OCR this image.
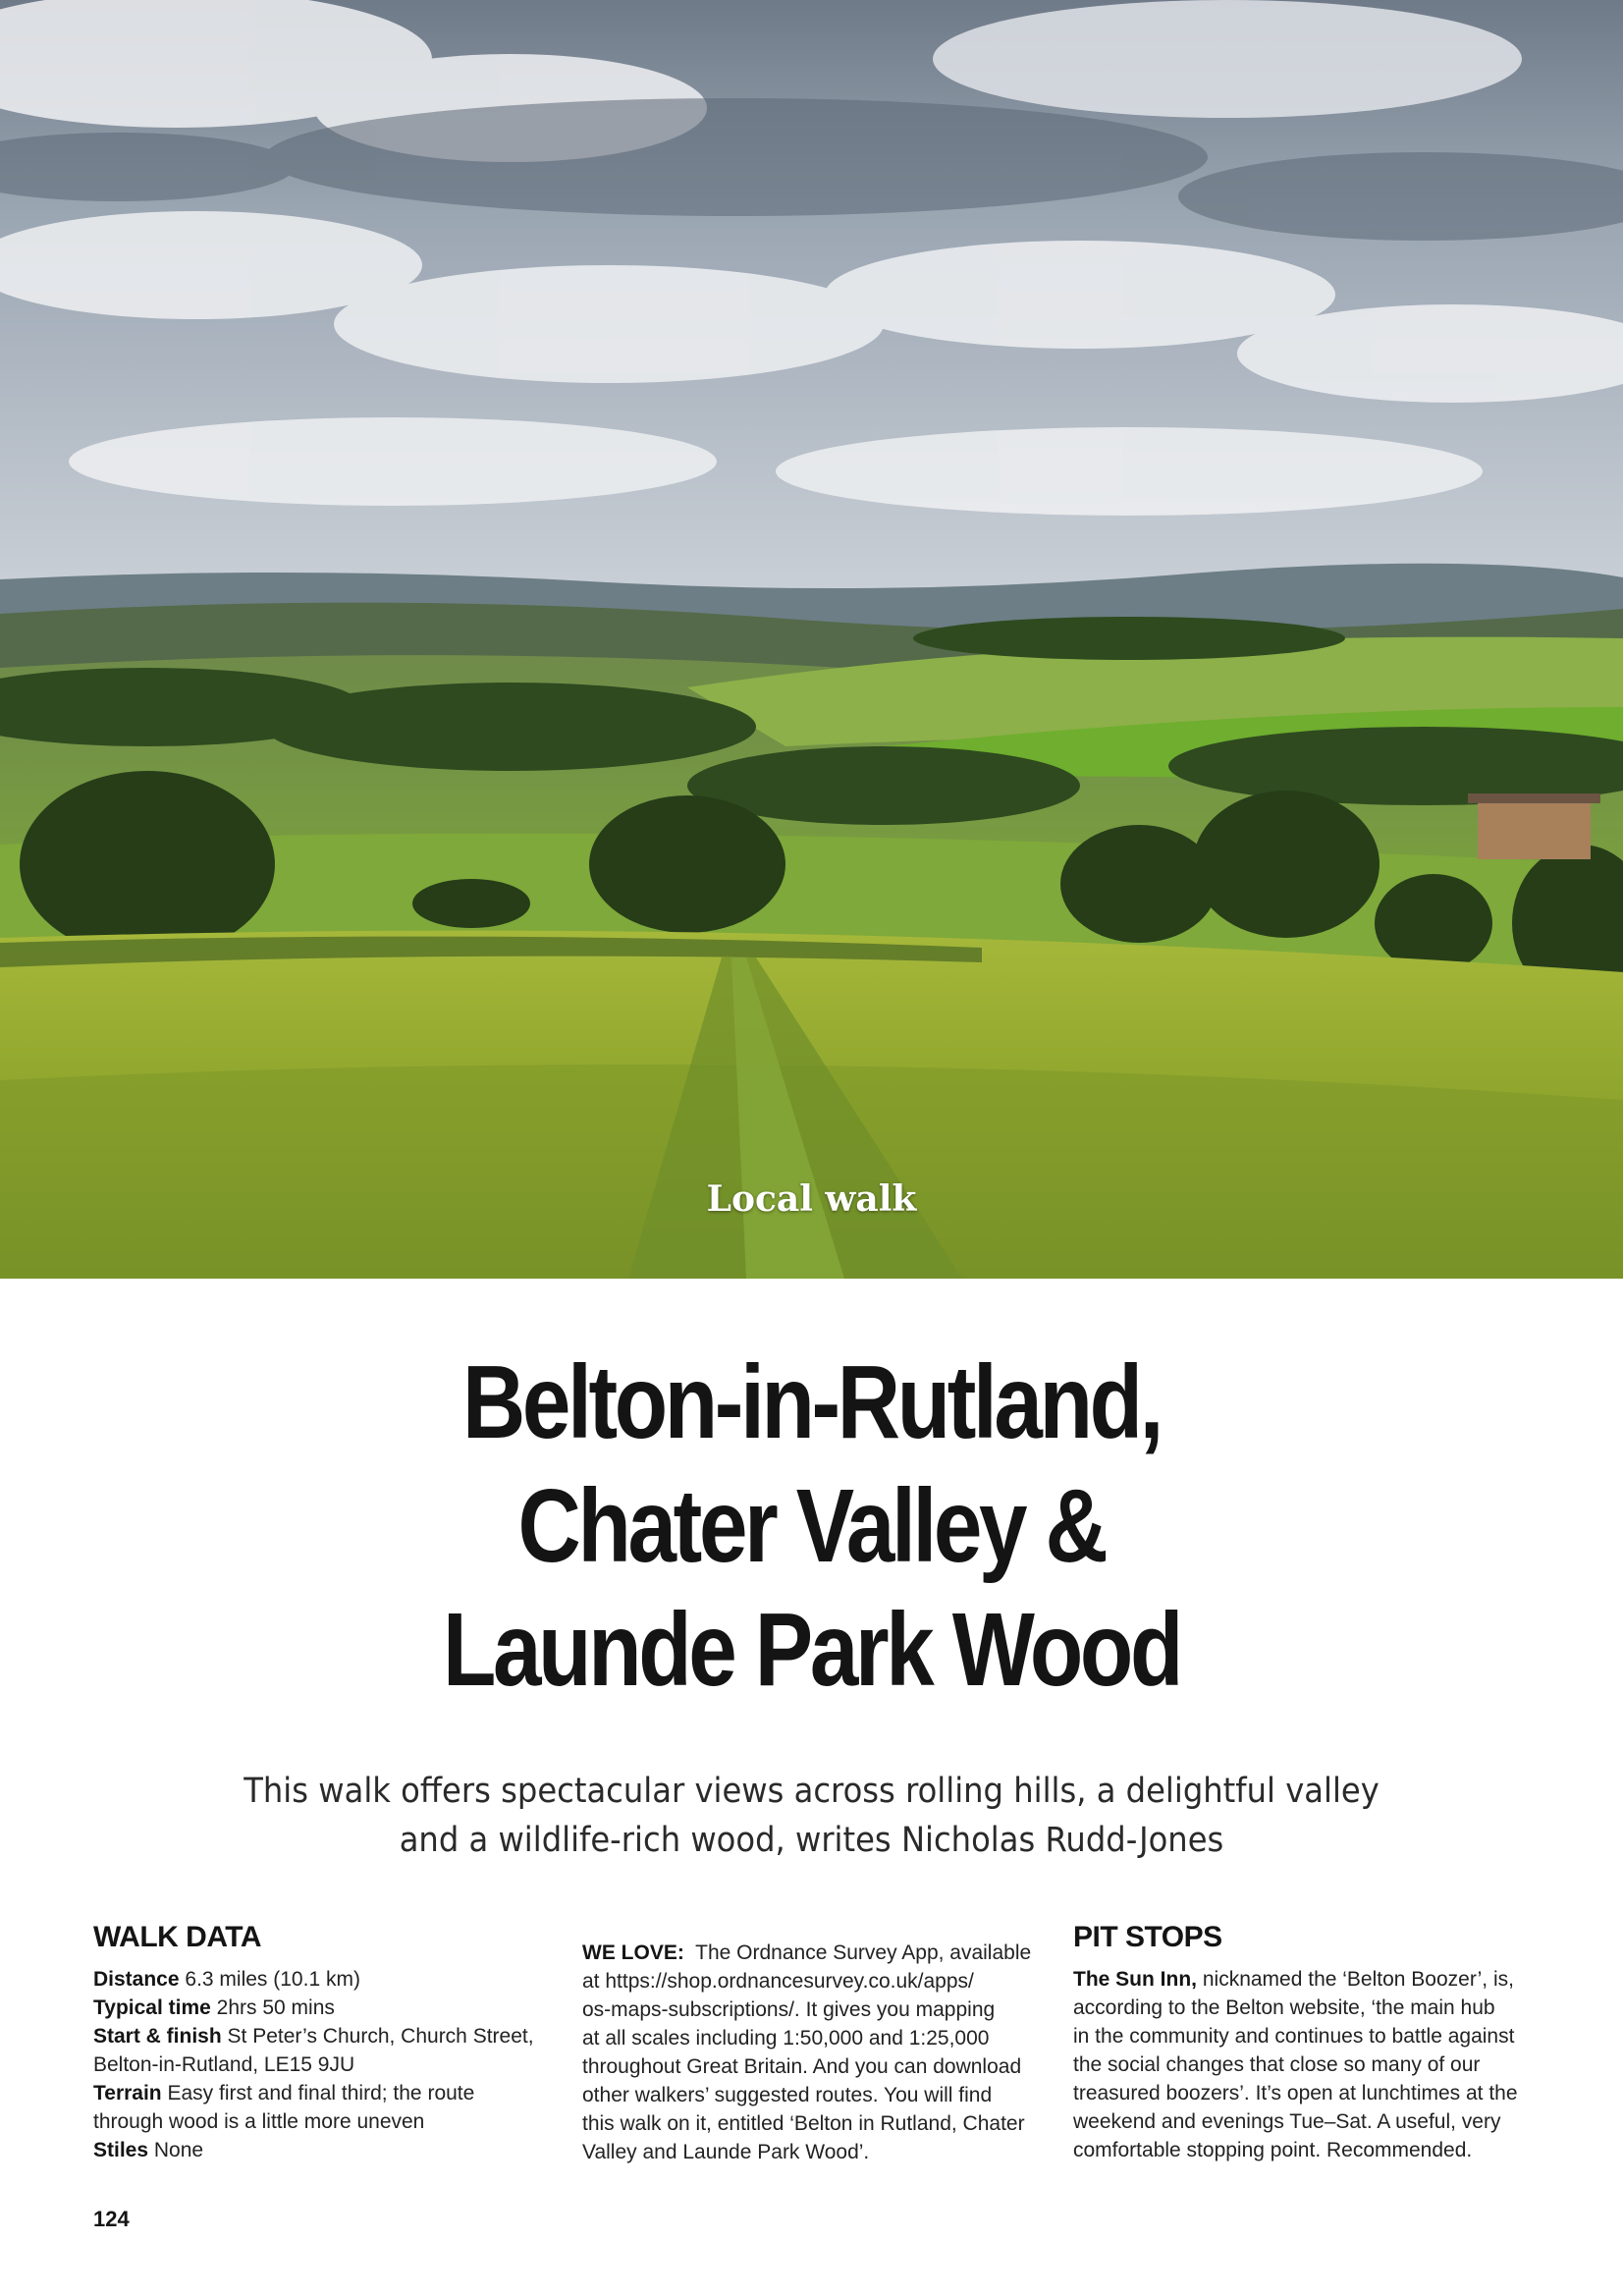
Local walk
Belton-in-Rutland,
Chater Valley &
Launde Park Wood
This walk offers spectacular views across rolling hills, a delightful valley
and a wildlife-rich wood, writes Nicholas Rudd-Jones
WALK DATA
Distance 6.3 miles (10.1 km)
Typical time 2hrs 50 mins
Start & finish St Peter’s Church, Church Street,
Belton-in-Rutland, LE15 9JU
Terrain Easy first and final third; the route
through wood is a little more uneven
Stiles None
WE LOVE: The Ordnance Survey App, available
at https://shop.ordnancesurvey.co.uk/apps/
os-maps-subscriptions/. It gives you mapping
at all scales including 1:50,000 and 1:25,000
throughout Great Britain. And you can download
other walkers’ suggested routes. You will find
this walk on it, entitled ‘Belton in Rutland, Chater
Valley and Launde Park Wood’.
PIT STOPS
The Sun Inn, nicknamed the ‘Belton Boozer’, is,
according to the Belton website, ‘the main hub
in the community and continues to battle against
the social changes that close so many of our
treasured boozers’. It’s open at lunchtimes at the
weekend and evenings Tue–Sat. A useful, very
comfortable stopping point. Recommended.
124
